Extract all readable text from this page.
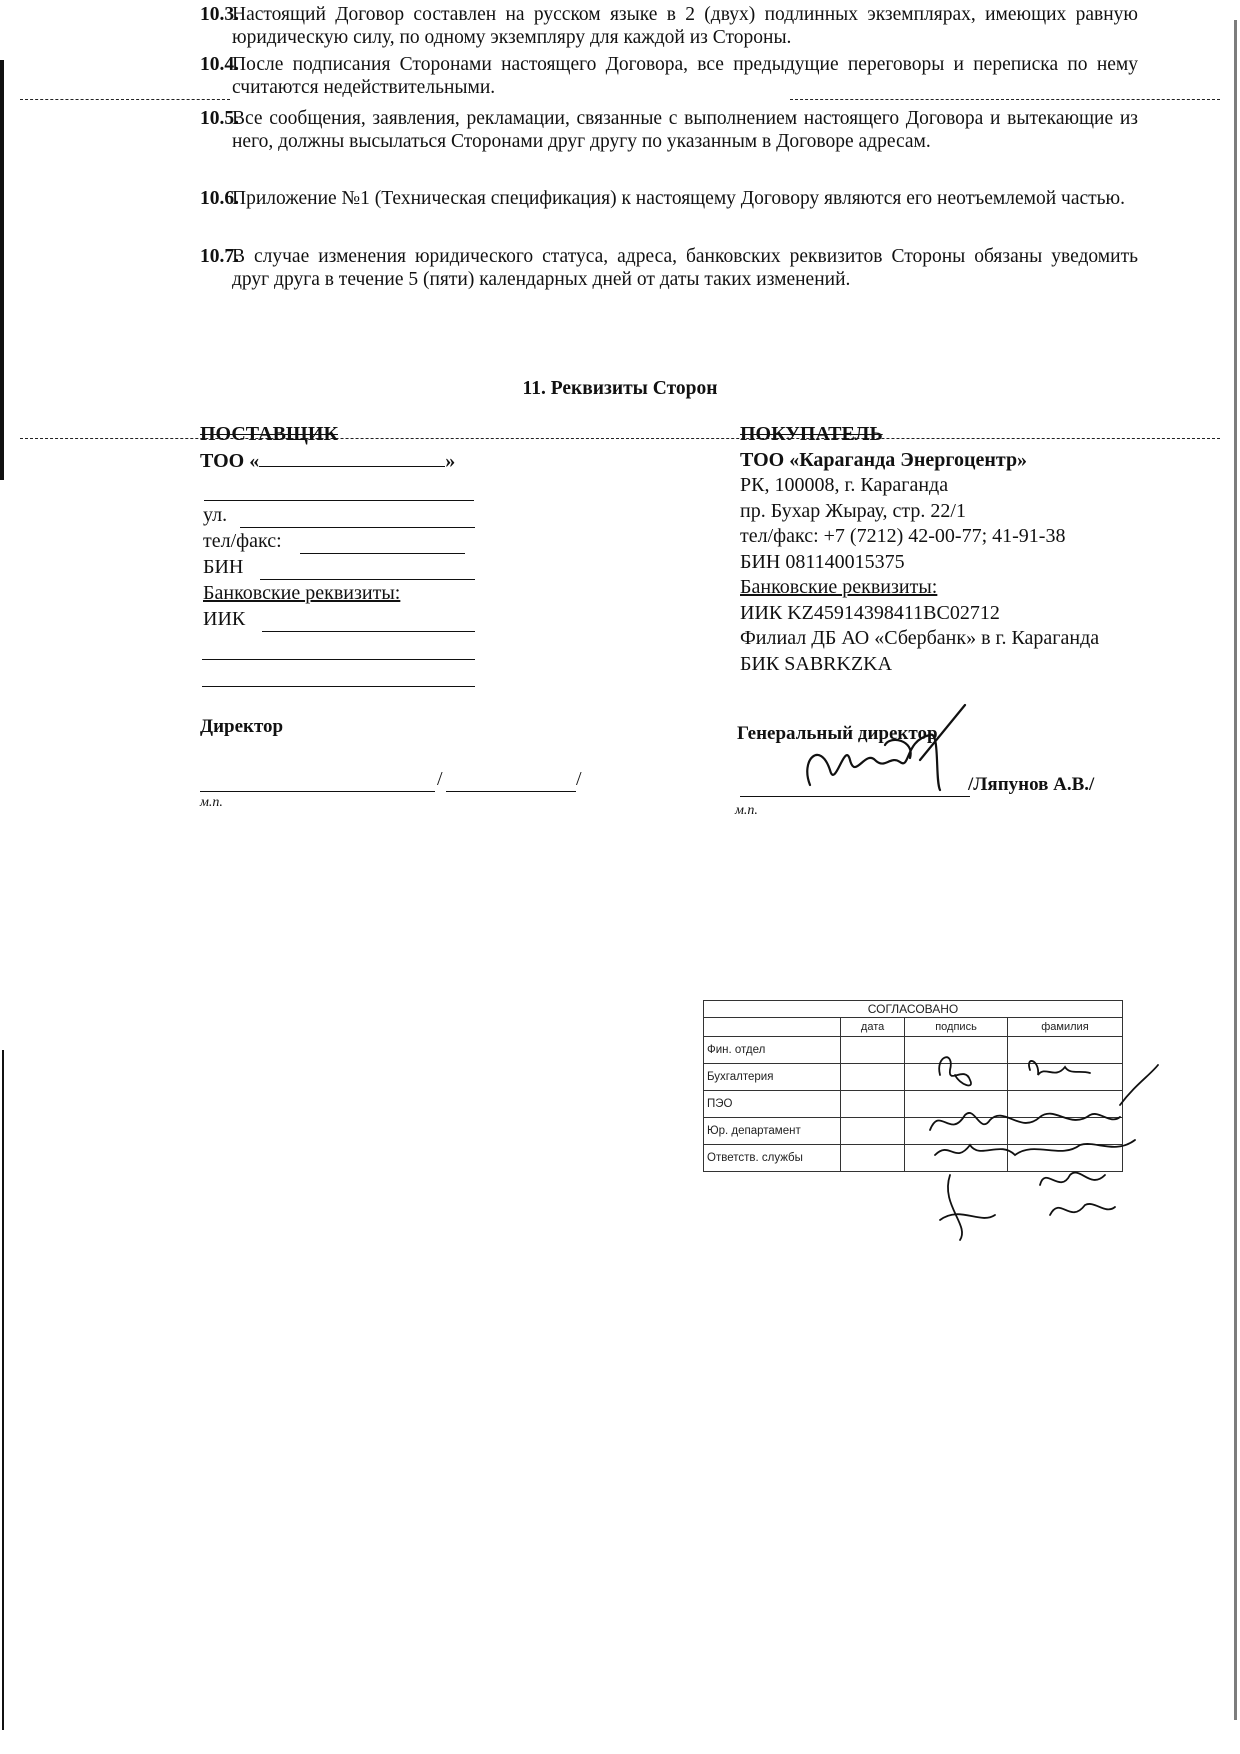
10.3.

Настоящий Договор составлен на русском языке в 2 (двух) подлинных экземплярах, имеющих равную юридическую силу, по одному экземпляру для каждой из Стороны.

10.4.

После подписания Сторонами настоящего Договора, все предыдущие переговоры и переписка по нему считаются недействительными.

10.5.

Все сообщения, заявления, рекламации, связанные с выполнением настоящего Договора и вытекающие из него, должны высылаться Сторонами друг другу по указанным в Договоре адресам.

10.6.

Приложение №1 (Техническая спецификация) к настоящему Договору являются его неотъемлемой частью.

10.7.

В случае изменения юридического статуса, адреса, банковских реквизитов Стороны обязаны уведомить друг друга в течение 5 (пяти) календарных дней от даты таких изменений.

11. Реквизиты Сторон
ПОСТАВЩИК
ТОО «	»
ул.
тел/факс:
БИН
Банковские реквизиты:
ИИК
Директор
/	/
м.п.
ПОКУПАТЕЛЬ
ТОО «Караганда Энергоцентр»
РК, 100008, г. Караганда
пр. Бухар Жырау, стр. 22/1
тел/факс: +7 (7212) 42-00-77; 41-91-38
БИН 081140015375
Банковские реквизиты:
ИИК KZ459143984​11BC02712
Филиал ДБ АО «Сбербанк» в г. Караганда
БИК SABRKZKA
Генеральный директор
/Ляпунов А.В./
м.п.
СОГЛАСОВАНО			
	дата	подпись	фамилия
Фин. отдел			
Бухгалтерия			
ПЭО			
Юр. департамент			
Ответств. службы			
